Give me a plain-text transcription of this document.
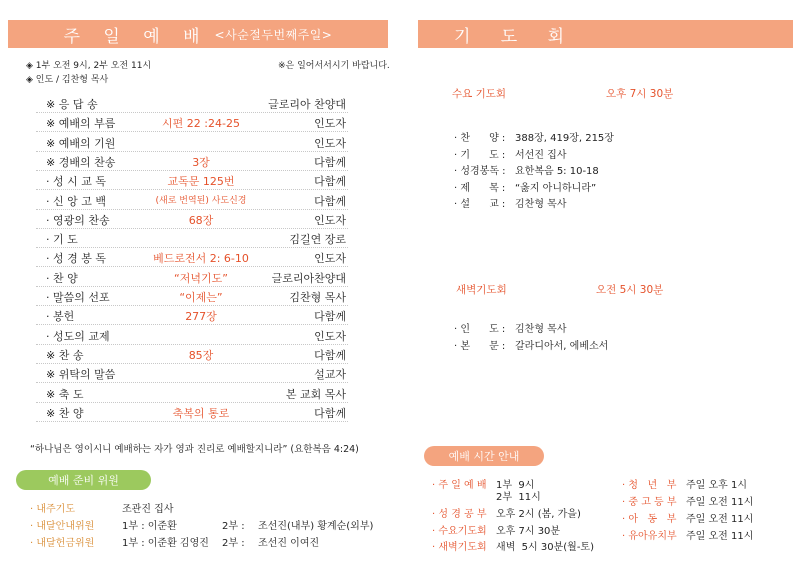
주 일 예 배 <사순절두번째주일>
◈ 1부 오전 9시, 2부 오전 11시
◈ 인도 / 김찬형 목사
※은 일어서서시기 바랍니다.
※ 응 답 송	글로리아 찬양대
※ 예배의 부름	시편 22 :24-25	인도자
※ 예배의 기원	인도자
※ 경배의 찬송	3장	다함께
· 성 시 교 독	교독문 125번	다함께
· 신 앙 고 백	(새로 번역된) 사도신경	다함께
· 영광의 찬송	68장	인도자
· 기 도	김길연 장로
· 성 경 봉 독	베드로전서 2: 6-10	인도자
· 찬 양	“저녁기도”	글로리아찬양대
· 말씀의 선포	“이제는”	김찬형 목사
· 봉헌	277장	다함께
· 성도의 교제	인도자
※ 찬 송	85장	다함께
※ 위탁의 말씀	설교자
※ 축 도	본 교회 목사
※ 찬 양	축복의 통로	다함께
“하나님은 영이시니 예배하는 자가 영과 진리로 예배할지니라” (요한복음 4:24)
예배 준비 위원
· 내주기도	조관진 집사
· 내달안내위원	1부 : 이준환	2부 : 조선진(내부) 황계순(외부)
· 내달헌금위원	1부 : 이준환 김영진 2부 : 조선진 이여진
기 도 회
수요 기도회	오후 7시 30분
· 찬      양 : 388장, 419장, 215장
· 기      도 : 서선진 집사
· 성경봉독 : 요한복음 5: 10-18
· 제      목 : “옳지 아니하니라”
· 설      교 : 김찬형 목사
새벽기도회	오전 5시 30분
· 인      도 : 김찬형 목사
· 본      문 : 갈라디아서, 에베소서
예배 시간 안내
· 주 일 예 배 1부  9시
2부  11시
· 성 경 공 부 오후 2시 (봄, 가을)
· 수요기도회 오후 7시 30분
· 새벽기도회 새벽  5시 30분(월-토)
· 청   년   부 주일 오후 1시
· 중 고 등 부 주일 오전 11시
· 아   동   부 주일 오전 11시
· 유아유치부 주일 오전 11시
